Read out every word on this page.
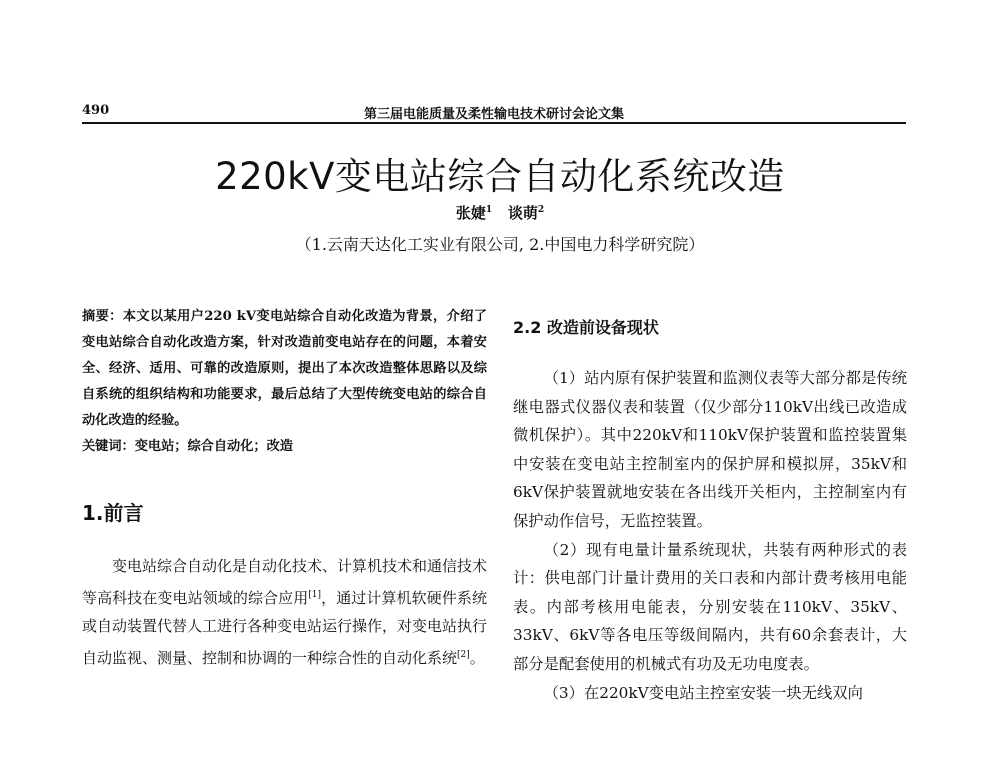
490	第三届电能质量及柔性输电技术研讨会论文集
220kV变电站综合自动化系统改造
张婕$^1$ 谈萌$^2$
（1.云南天达化工实业有限公司, 2.中国电力科学研究院）

摘要：本文以某用户220 kV变电站综合自动化改造为背景，介绍了变电站综合自动化改造方案，针对改造前变电站存在的问题，本着安全、经济、适用、可靠的改造原则，提出了本次改造整体思路以及综自系统的组织结构和功能要求，最后总结了大型传统变电站的综合自动化改造的经验。

关键词：变电站；综合自动化；改造

1.前言

变电站综合自动化是自动化技术、计算机技术和通信技术等高科技在变电站领域的综合应用[1]，通过计算机软硬件系统或自动装置代替人工进行各种变电站运行操作，对变电站执行自动监视、测量、控制和协调的一种综合性的自动化系统[2]。

2.2 改造前设备现状

（1）站内原有保护装置和监测仪表等大部分都是传统继电器式仪器仪表和装置（仅少部分110kV出线已改造成微机保护）。其中220kV和110kV保护装置和监控装置集中安装在变电站主控制室内的保护屏和模拟屏，35kV和6kV保护装置就地安装在各出线开关柜内，主控制室内有保护动作信号，无监控装置。

（2）现有电量计量系统现状，共装有两种形式的表计：供电部门计量计费用的关口表和内部计费考核用电能表。内部考核用电能表，分别安装在110kV、35kV、33kV、6kV等各电压等级间隔内，共有60余套表计，大部分是配套使用的机械式有功及无功电度表。

（3）在220kV变电站主控室安装一块无线双向
